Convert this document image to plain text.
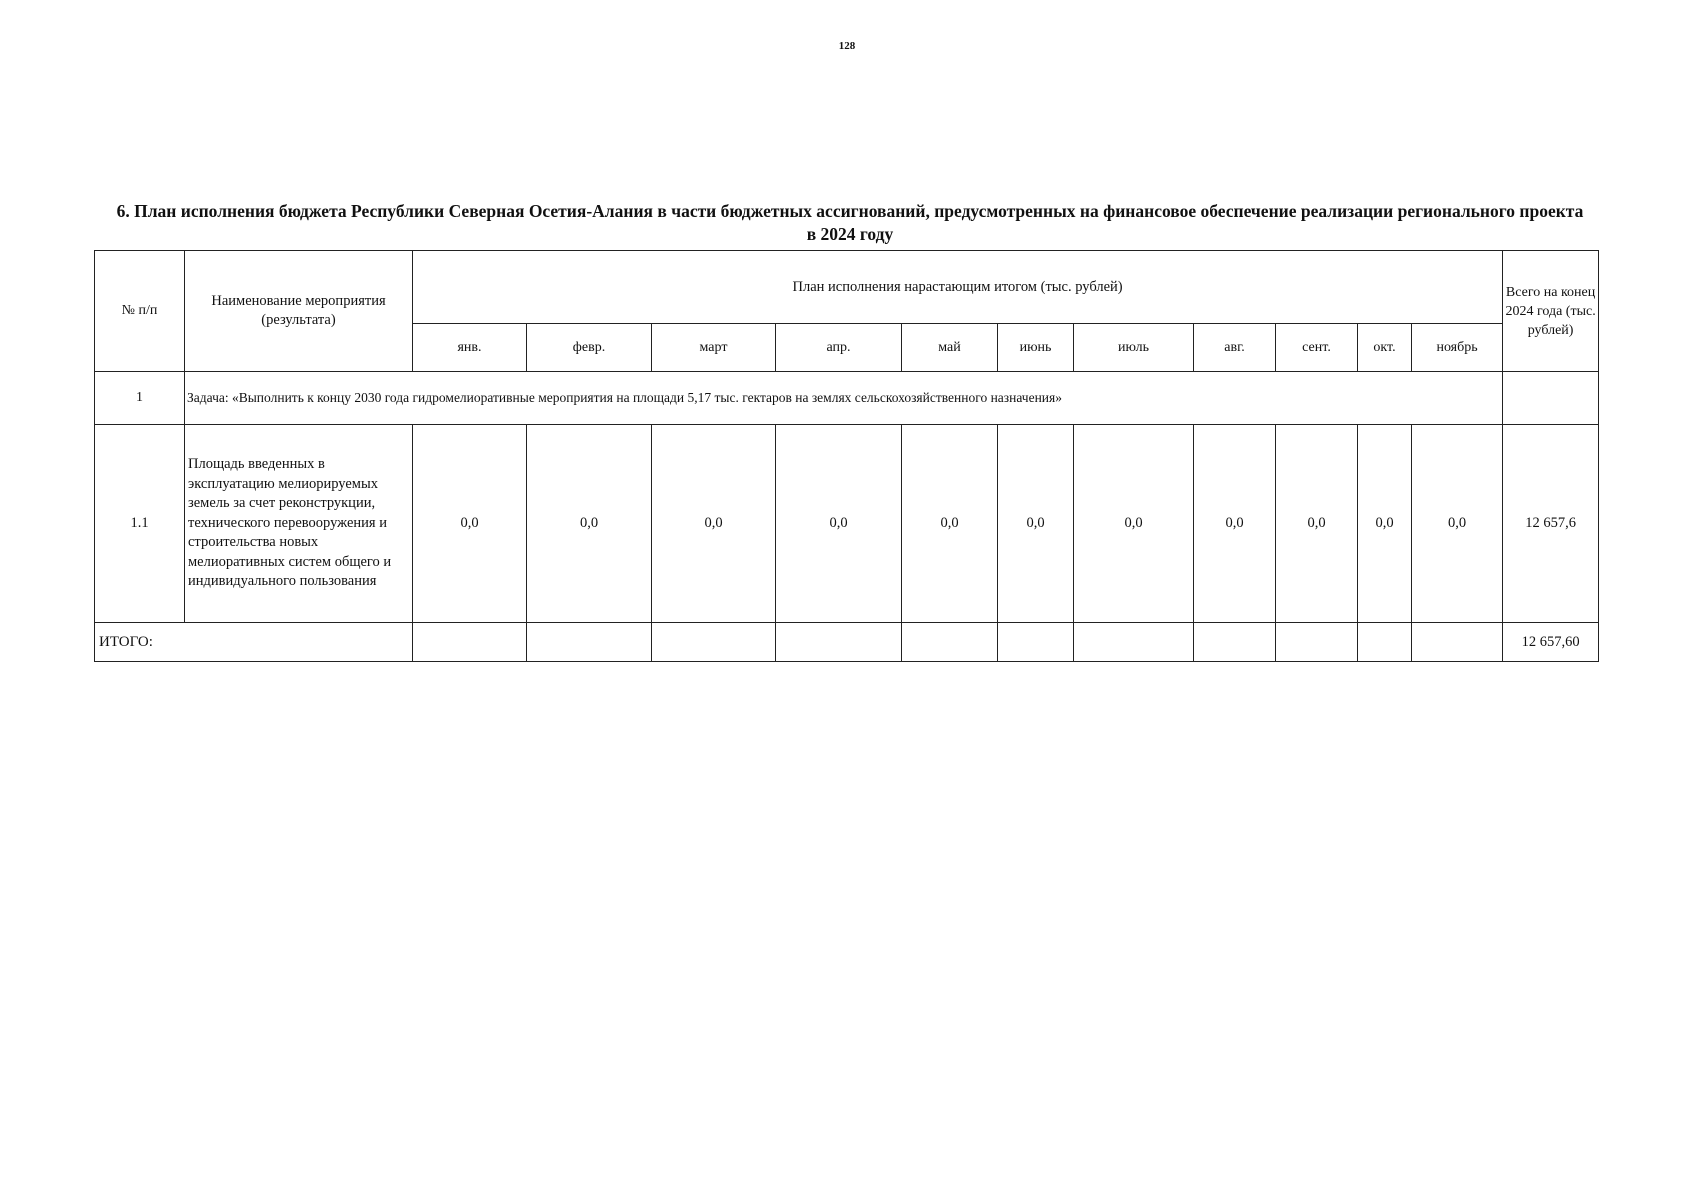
128
6. План исполнения бюджета Республики Северная Осетия-Алания в части бюджетных ассигнований, предусмотренных на финансовое обеспечение реализации регионального проекта в 2024 году
№ п/п	Наименование мероприятия (результата)	План исполнения нарастающим итогом (тыс. рублей)											Всего на конец 2024 года (тыс. рублей)
		янв.	февр.	март	апр.	май	июнь	июль	авг.	сент.	окт.	ноябрь	
1	Задача: «Выполнить к концу 2030 года гидромелиоративные мероприятия на площади 5,17 тыс. гектаров на землях сельскохозяйственного назначения»												
1.1	Площадь введенных в эксплуатацию мелиорируемых земель за счет реконструкции, технического перевооружения и строительства новых мелиоративных систем общего и индивидуального пользования	0,0	0,0	0,0	0,0	0,0	0,0	0,0	0,0	0,0	0,0	0,0	12 657,6
ИТОГО:													12 657,60
